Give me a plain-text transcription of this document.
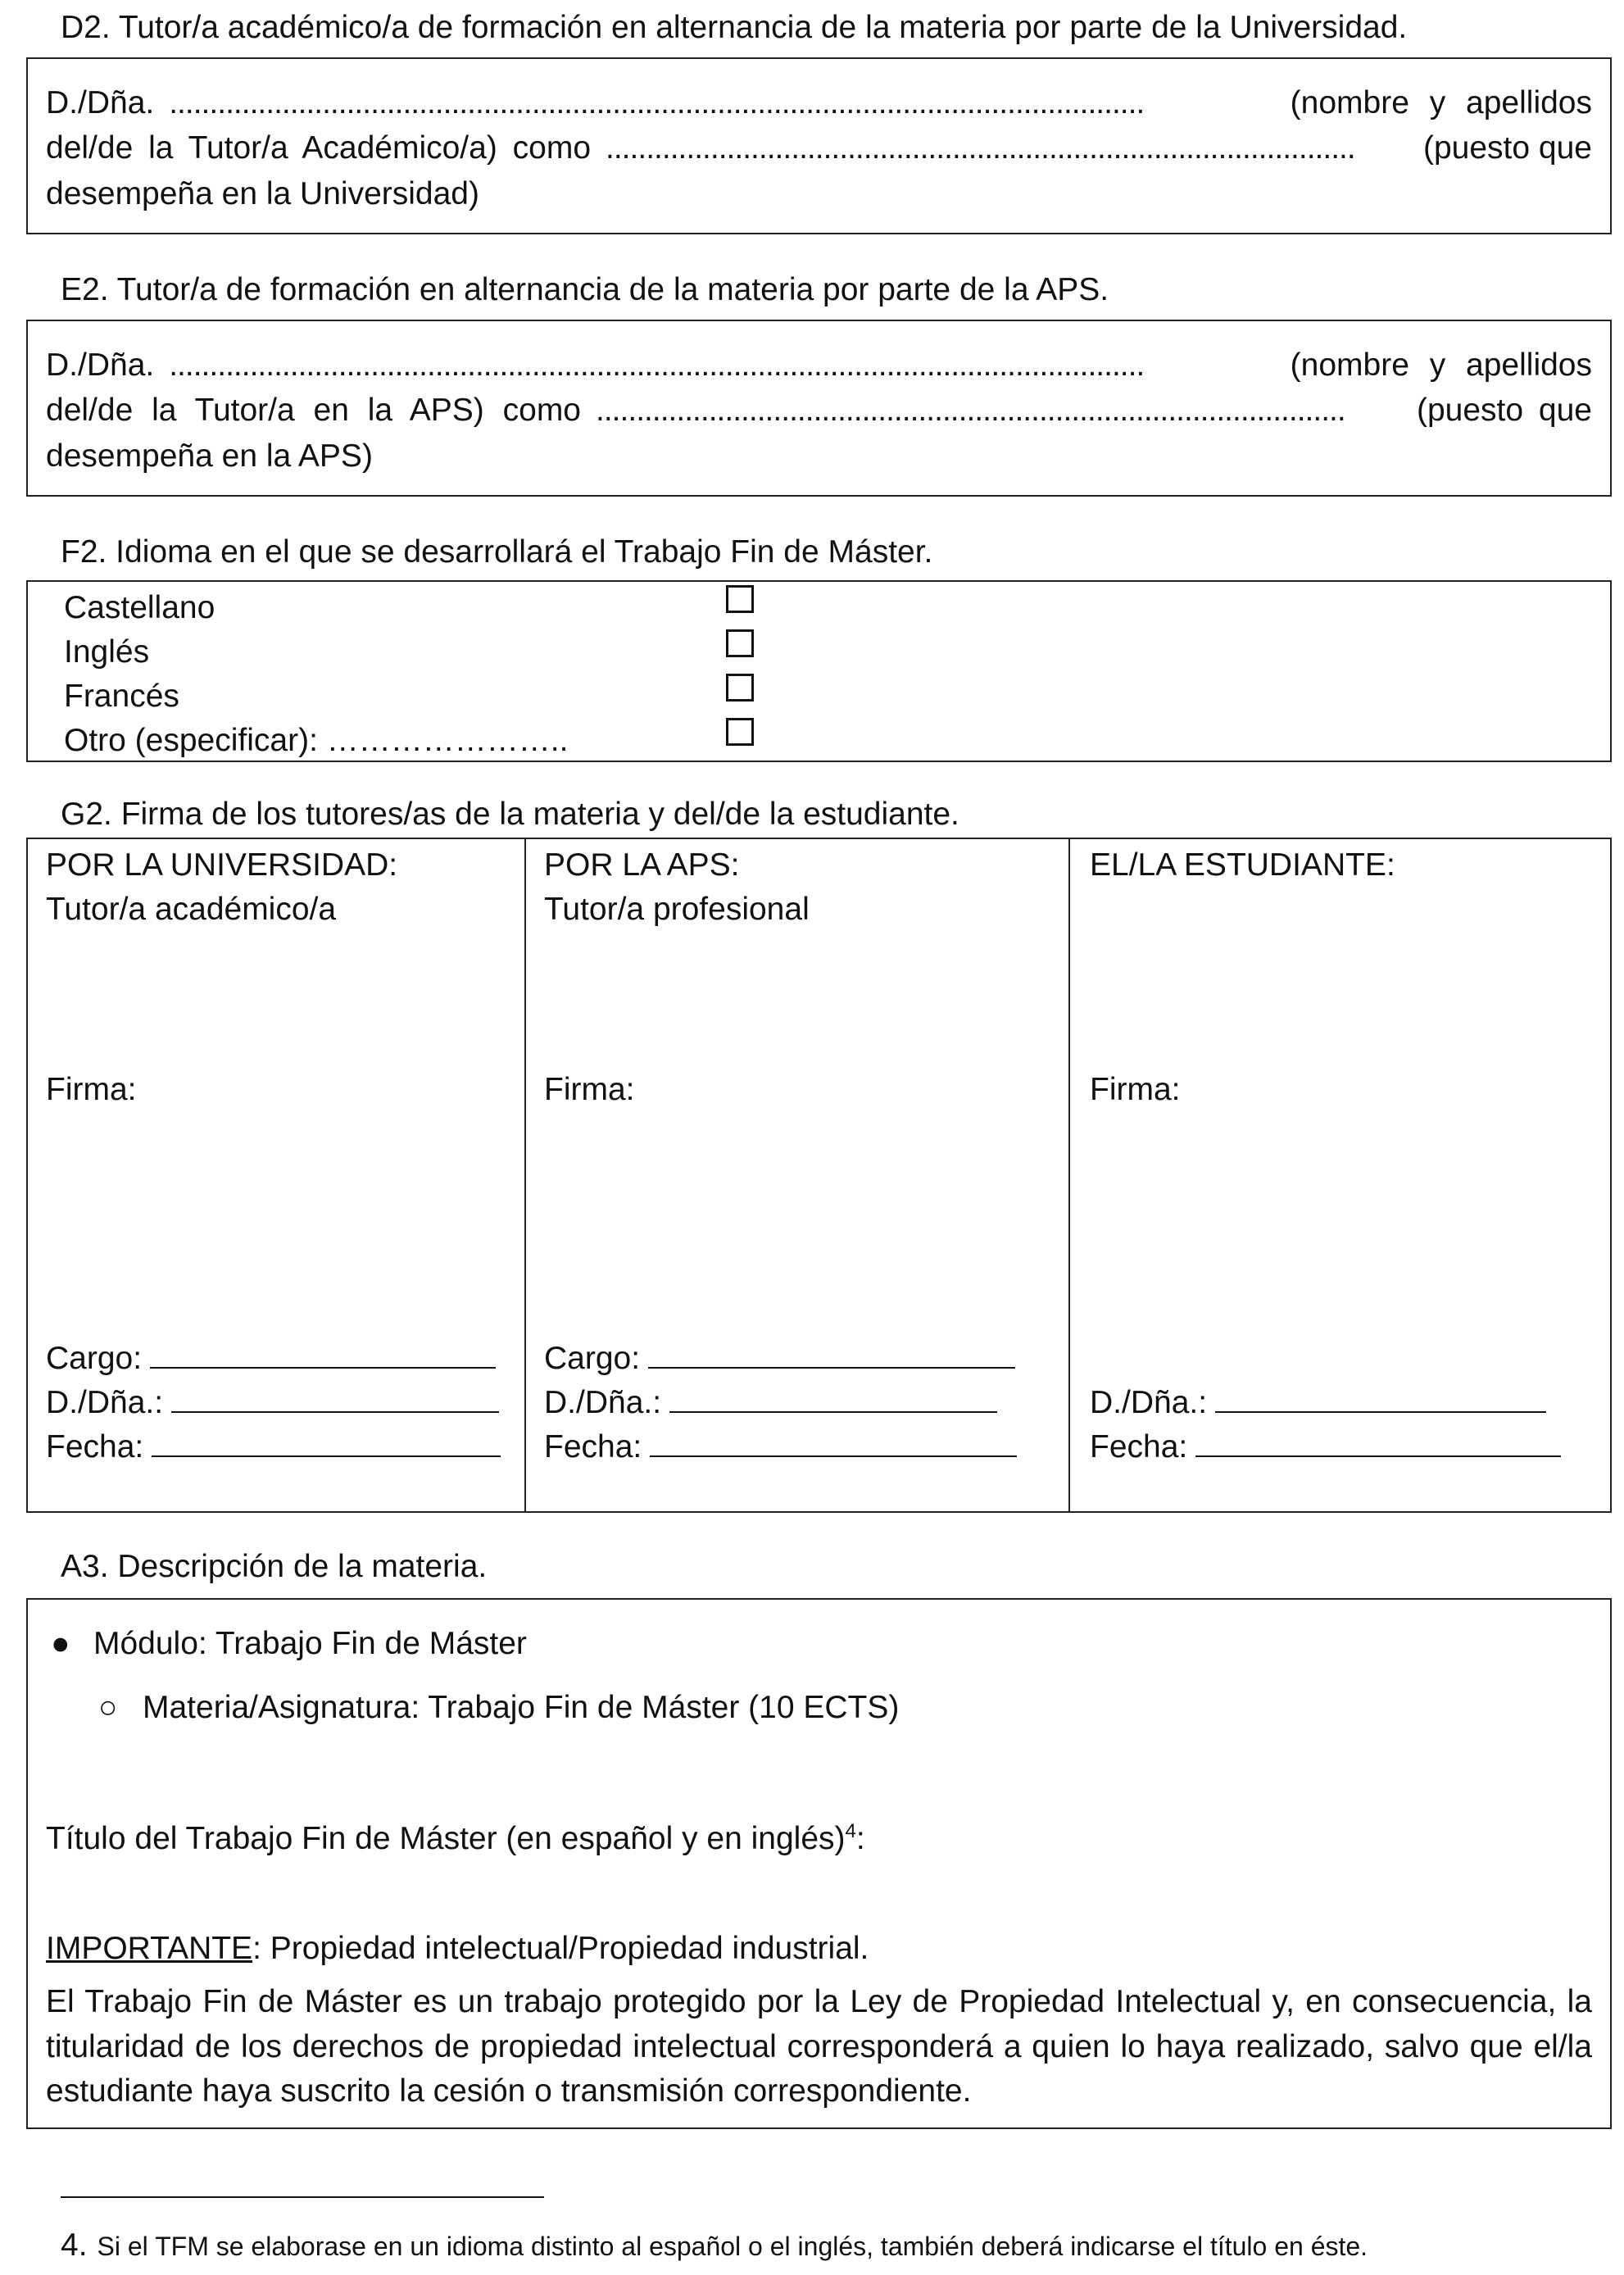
D2. Tutor/a académico/a de formación en alternancia de la materia por parte de la Universidad.
D./Dña. .........................................................................................................................	(nombre y apellidos
del/de la Tutor/a Académico/a) como .............................................................................................	(puesto que
desempeña en la Universidad)
E2. Tutor/a de formación en alternancia de la materia por parte de la APS.
D./Dña. .........................................................................................................................	(nombre y apellidos
del/de la Tutor/a en la APS) como .............................................................................................	(puesto que
desempeña en la APS)
F2. Idioma en el que se desarrollará el Trabajo Fin de Máster.
Castellano
Inglés
Francés
Otro (especificar): …………………..
G2. Firma de los tutores/as de la materia y del/de la estudiante.
POR LA UNIVERSIDAD:
Tutor/a académico/a
Firma:
Cargo:
D./Dña.:
Fecha:
POR LA APS:
Tutor/a profesional
Firma:
Cargo:
D./Dña.:
Fecha:
EL/LA ESTUDIANTE:
Firma:
D./Dña.:
Fecha:
A3. Descripción de la materia.
● Módulo: Trabajo Fin de Máster
○ Materia/Asignatura: Trabajo Fin de Máster (10 ECTS)
Título del Trabajo Fin de Máster (en español y en inglés)$^4$:
IMPORTANTE: Propiedad intelectual/Propiedad industrial.
El Trabajo Fin de Máster es un trabajo protegido por la Ley de Propiedad Intelectual y, en consecuencia, la titularidad de los derechos de propiedad intelectual corresponderá a quien lo haya realizado, salvo que el/la estudiante haya suscrito la cesión o transmisión correspondiente.
4. Si el TFM se elaborase en un idioma distinto al español o el inglés, también deberá indicarse el título en éste.
